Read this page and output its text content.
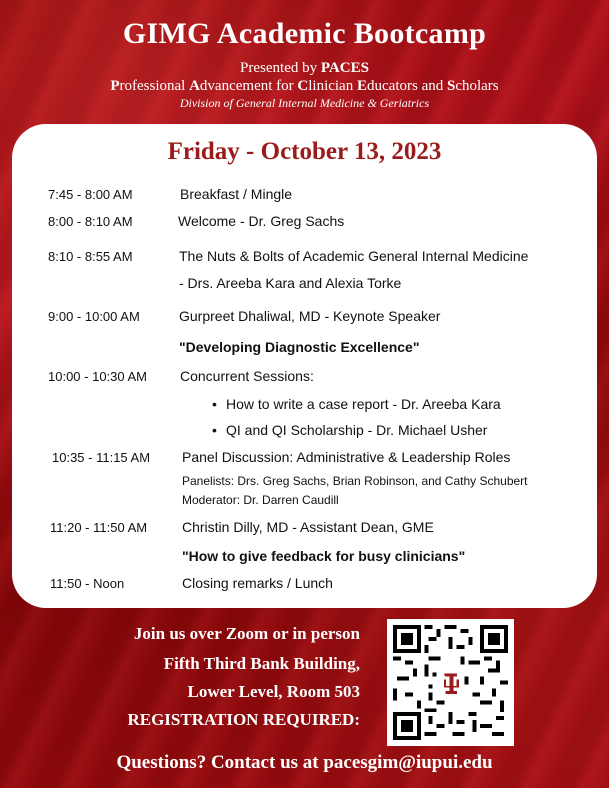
GIMG Academic Bootcamp
Presented by PACES
Professional Advancement for Clinician Educators and Scholars
Division of General Internal Medicine & Geriatrics
Friday - October 13, 2023
7:45 - 8:00 AM	Breakfast / Mingle
8:00 - 8:10 AM	Welcome - Dr. Greg Sachs
8:10 - 8:55 AM	The Nuts & Bolts of Academic General Internal Medicine
- Drs. Areeba Kara and Alexia Torke
9:00 - 10:00 AM	Gurpreet Dhaliwal, MD - Keynote Speaker
"Developing Diagnostic Excellence"
10:00 - 10:30 AM Concurrent Sessions:
• How to write a case report - Dr. Areeba Kara
• QI and QI Scholarship - Dr. Michael Usher
10:35 - 11:15 AM Panel Discussion: Administrative & Leadership Roles
Panelists: Drs. Greg Sachs, Brian Robinson, and Cathy Schubert
Moderator: Dr. Darren Caudill
11:20 - 11:50 AM Christin Dilly, MD - Assistant Dean, GME
"How to give feedback for busy clinicians"
11:50 - Noon	Closing remarks / Lunch
Join us over Zoom or in person
Fifth Third Bank Building,
Lower Level, Room 503
REGISTRATION REQUIRED:
Questions? Contact us at pacesgim@iupui.edu
